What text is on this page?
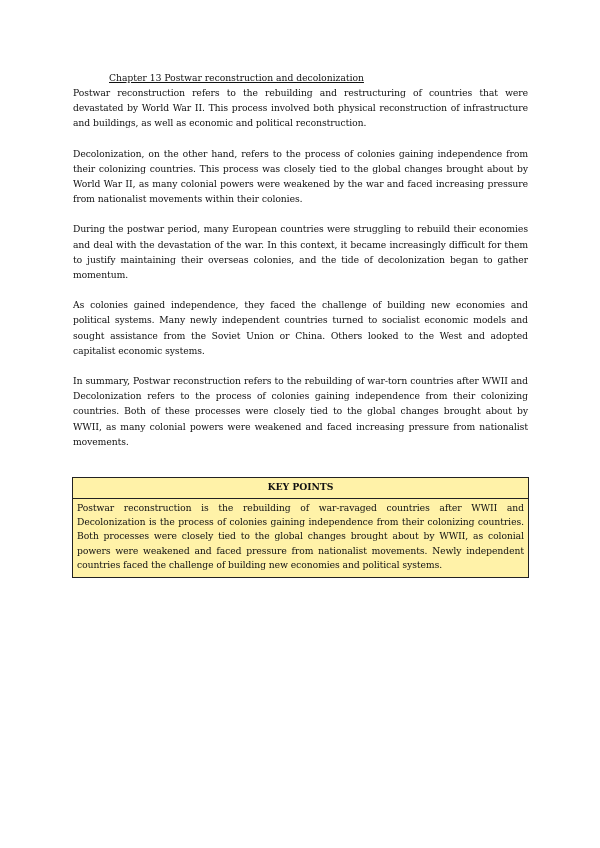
Chapter 13 Postwar reconstruction and decolonization

Postwar reconstruction refers to the rebuilding and restructuring of countries that were devastated by World War II. This process involved both physical reconstruction of infrastructure and buildings, as well as economic and political reconstruction.

Decolonization, on the other hand, refers to the process of colonies gaining independence from their colonizing countries. This process was closely tied to the global changes brought about by World War II, as many colonial powers were weakened by the war and faced increasing pressure from nationalist movements within their colonies.

During the postwar period, many European countries were struggling to rebuild their economies and deal with the devastation of the war. In this context, it became increasingly difficult for them to justify maintaining their overseas colonies, and the tide of decolonization began to gather momentum.

As colonies gained independence, they faced the challenge of building new economies and political systems. Many newly independent countries turned to socialist economic models and sought assistance from the Soviet Union or China. Others looked to the West and adopted capitalist economic systems.

In summary, Postwar reconstruction refers to the rebuilding of war-torn countries after WWII and Decolonization refers to the process of colonies gaining independence from their colonizing countries. Both of these processes were closely tied to the global changes brought about by WWII, as many colonial powers were weakened and faced increasing pressure from nationalist movements.

KEY POINTS
Postwar reconstruction is the rebuilding of war-ravaged countries after WWII and Decolonization is the process of colonies gaining independence from their colonizing countries. Both processes were closely tied to the global changes brought about by WWII, as colonial powers were weakened and faced pressure from nationalist movements. Newly independent countries faced the challenge of building new economies and political systems.
